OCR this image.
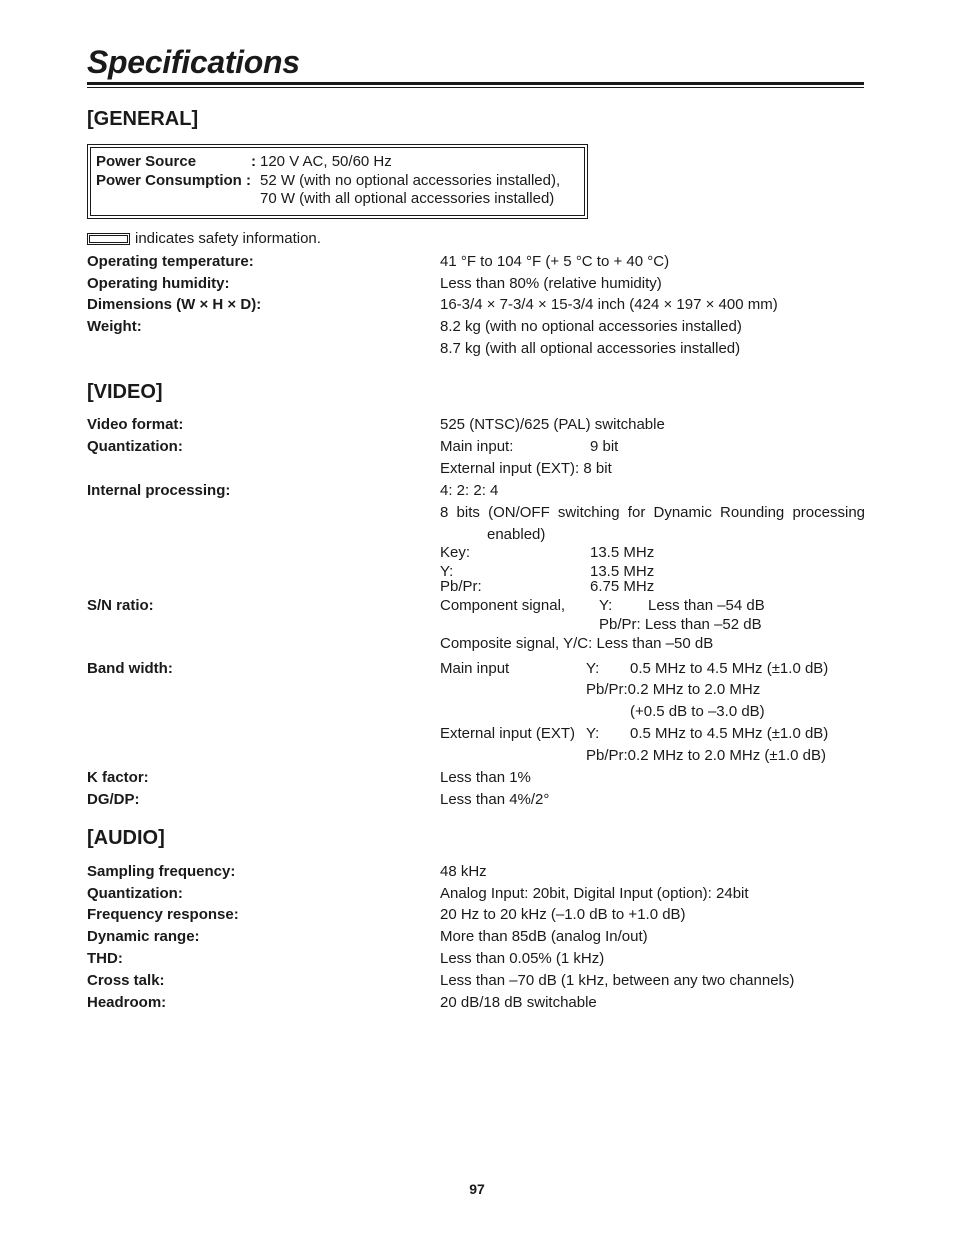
Specifications
[GENERAL]
Power Source	: 120 V AC, 50/60 Hz
Power Consumption : 52 W (with no optional accessories installed),
70 W (with all optional accessories installed)
indicates safety information.
Operating temperature:	41 °F to 104 °F (+ 5 °C to + 40 °C)
Operating humidity:	Less than 80% (relative humidity)
Dimensions (W × H × D):	16-3/4 × 7-3/4 × 15-3/4 inch (424 × 197 × 400 mm)
Weight:	8.2 kg (with no optional accessories installed)
8.7 kg (with all optional accessories installed)
[VIDEO]
Video format:	525 (NTSC)/625 (PAL) switchable
Quantization:	Main input:	9 bit
External input (EXT): 8 bit
Internal processing:	4: 2: 2: 4
8 bits (ON/OFF switching for Dynamic Rounding processing
enabled)
Key:	13.5 MHz
Y:	13.5 MHz
Pb/Pr:	6.75 MHz
S/N ratio:	Component signal, Y: Less than –54 dB
Pb/Pr: Less than –52 dB
Composite signal, Y/C: Less than –50 dB
Band width:	Main input	Y: 0.5 MHz to 4.5 MHz (±1.0 dB)
Pb/Pr:0.2 MHz to 2.0 MHz
(+0.5 dB to –3.0 dB)
External input (EXT) Y: 0.5 MHz to 4.5 MHz (±1.0 dB)
Pb/Pr:0.2 MHz to 2.0 MHz (±1.0 dB)
K factor:	Less than 1%
DG/DP:	Less than 4%/2°
[AUDIO]
Sampling frequency:	48 kHz
Quantization:	Analog Input: 20bit, Digital Input (option): 24bit
Frequency response:	20 Hz to 20 kHz (–1.0 dB to +1.0 dB)
Dynamic range:	More than 85dB (analog In/out)
THD:	Less than 0.05% (1 kHz)
Cross talk:	Less than –70 dB (1 kHz, between any two channels)
Headroom:	20 dB/18 dB switchable
97
